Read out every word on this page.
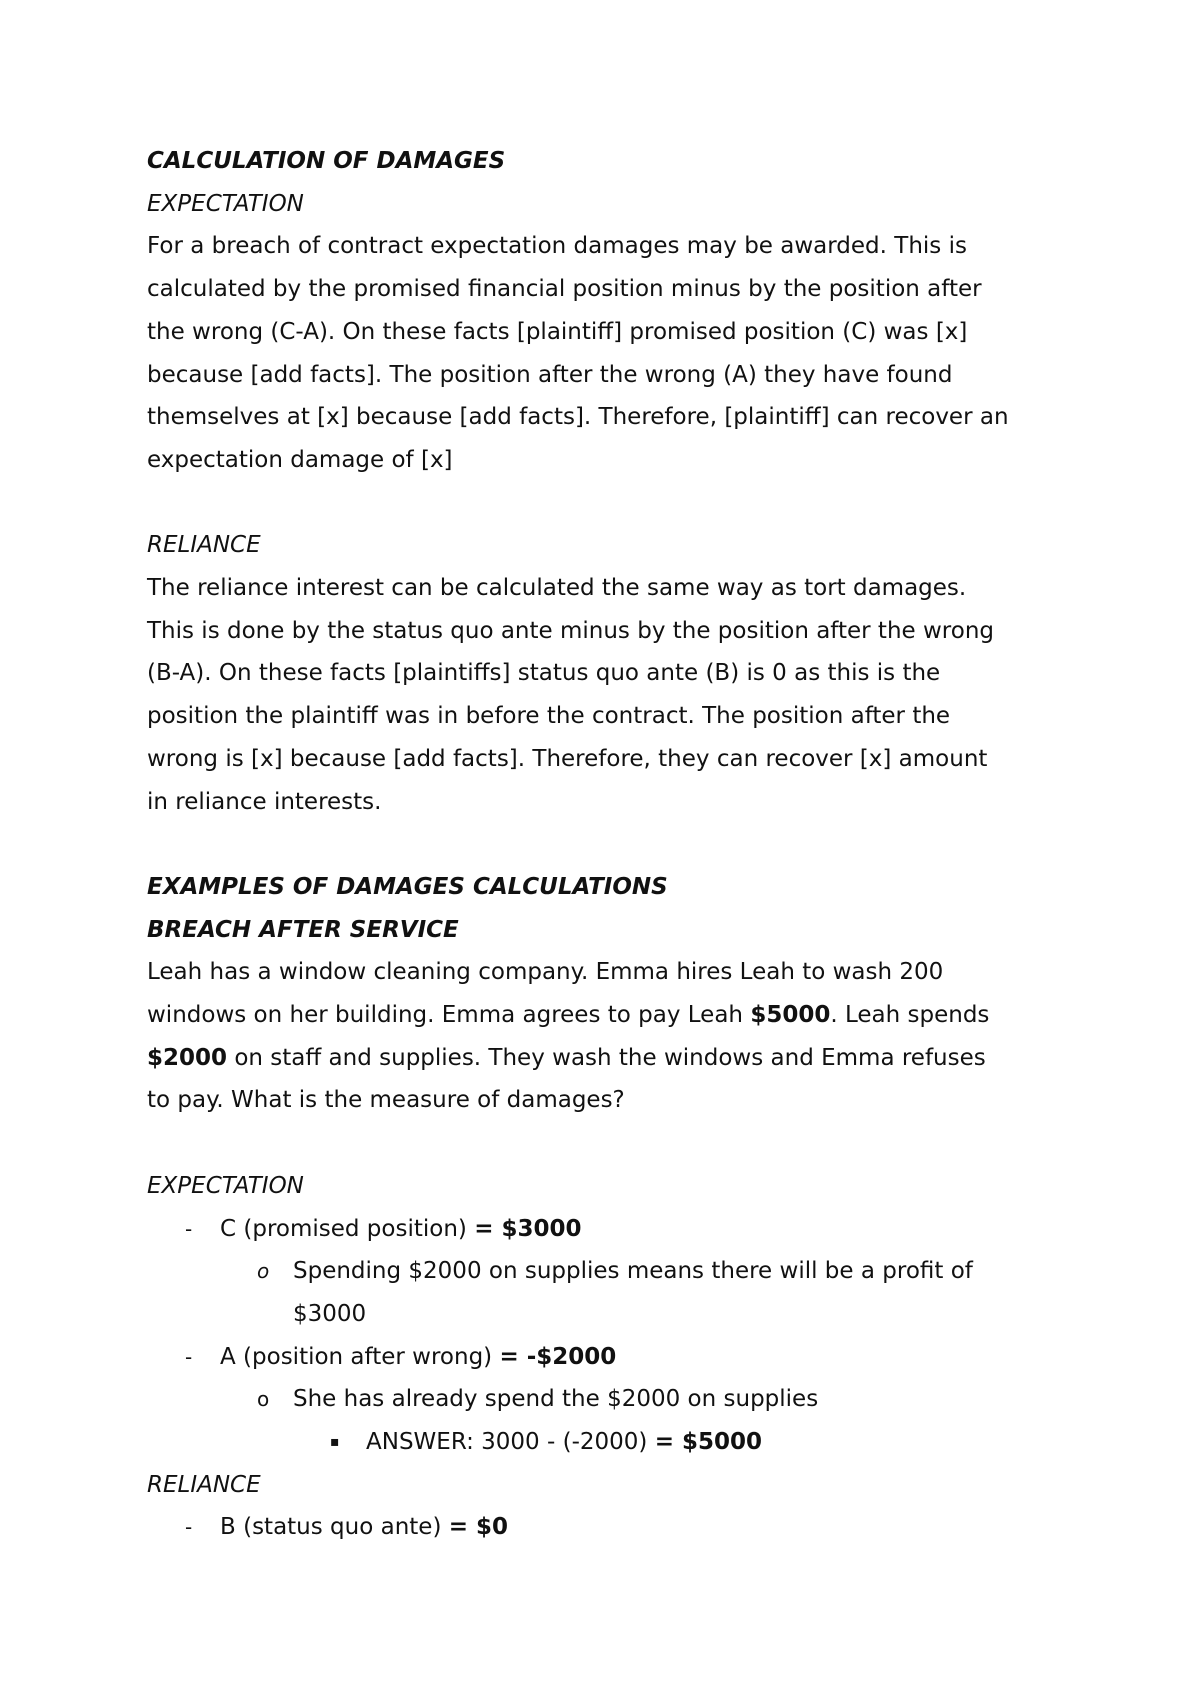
CALCULATION OF DAMAGES

EXPECTATION

For a breach of contract expectation damages may be awarded. This is

calculated by the promised financial position minus by the position after

the wrong (C-A). On these facts [plaintiff] promised position (C) was [x]

because [add facts]. The position after the wrong (A) they have found

themselves at [x] because [add facts]. Therefore, [plaintiff] can recover an

expectation damage of [x]

RELIANCE

The reliance interest can be calculated the same way as tort damages.

This is done by the status quo ante minus by the position after the wrong

(B-A). On these facts [plaintiffs] status quo ante (B) is 0 as this is the

position the plaintiff was in before the contract. The position after the

wrong is [x] because [add facts]. Therefore, they can recover [x] amount

in reliance interests.

EXAMPLES OF DAMAGES CALCULATIONS

BREACH AFTER SERVICE

Leah has a window cleaning company. Emma hires Leah to wash 200

windows on her building. Emma agrees to pay Leah $5000. Leah spends

$2000 on staff and supplies. They wash the windows and Emma refuses

to pay. What is the measure of damages?

EXPECTATION

- C (promised position) = $3000
o Spending $2000 on supplies means there will be a profit of
$3000
- A (position after wrong) = -$2000
o She has already spend the $2000 on supplies
▪ ANSWER: 3000 - (-2000) = $5000

RELIANCE

- B (status quo ante) = $0
